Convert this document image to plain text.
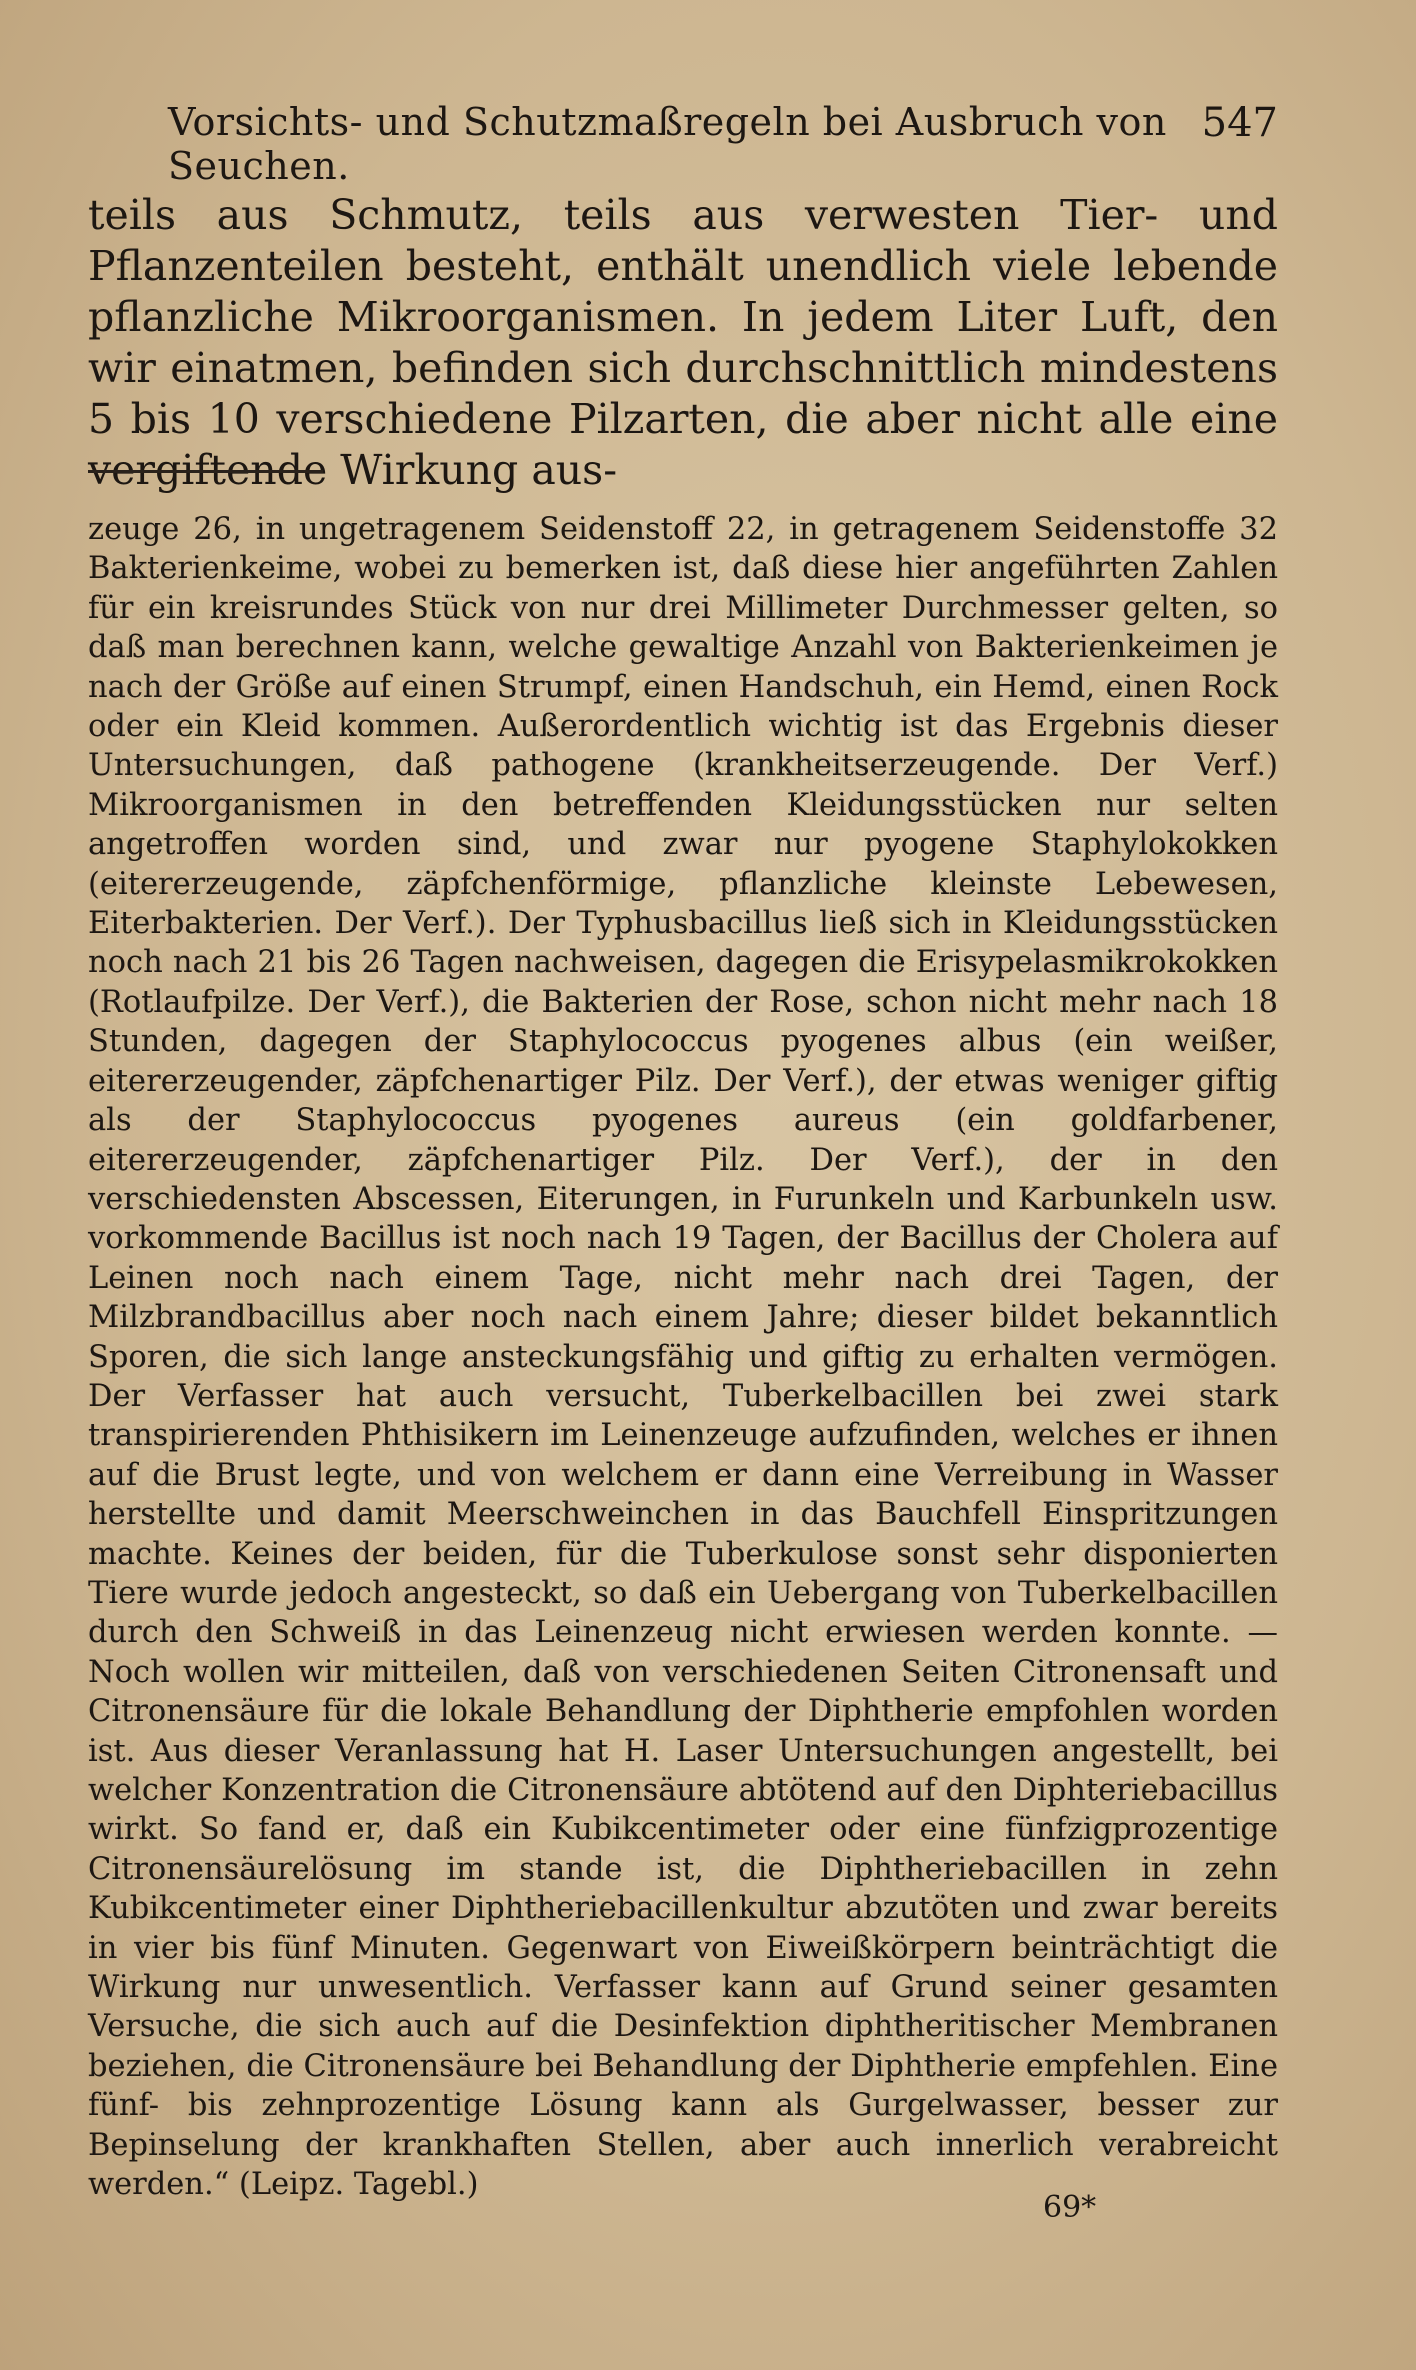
Vorsichts- und Schutzmaßregeln bei Ausbruch von Seuchen.
547

teils aus Schmutz, teils aus verwesten Tier- und Pflanzenteilen besteht, enthält unendlich viele lebende pflanzliche Mikroorganismen. In jedem Liter Luft, den wir einatmen, befinden sich durchschnittlich mindestens 5 bis 10 verschiedene Pilzarten, die aber nicht alle eine vergiftende Wirkung aus-

zeuge 26, in ungetragenem Seidenstoff 22, in getragenem Seidenstoffe 32 Bakterienkeime, wobei zu bemerken ist, daß diese hier angeführten Zahlen für ein kreisrundes Stück von nur drei Millimeter Durchmesser gelten, so daß man berechnen kann, welche gewaltige Anzahl von Bakterienkeimen je nach der Größe auf einen Strumpf, einen Handschuh, ein Hemd, einen Rock oder ein Kleid kommen. Außerordentlich wichtig ist das Ergebnis dieser Untersuchungen, daß pathogene (krankheitserzeugende. Der Verf.) Mikroorganismen in den betreffenden Kleidungsstücken nur selten angetroffen worden sind, und zwar nur pyogene Staphylokokken (eitererzeugende, zäpfchenförmige, pflanzliche kleinste Lebewesen, Eiterbakterien. Der Verf.). Der Typhusbacillus ließ sich in Kleidungsstücken noch nach 21 bis 26 Tagen nachweisen, dagegen die Erisypelasmikrokokken (Rotlaufpilze. Der Verf.), die Bakterien der Rose, schon nicht mehr nach 18 Stunden, dagegen der Staphylococcus pyogenes albus (ein weißer, eitererzeugender, zäpfchenartiger Pilz. Der Verf.), der etwas weniger giftig als der Staphylococcus pyogenes aureus (ein goldfarbener, eitererzeugender, zäpfchenartiger Pilz. Der Verf.), der in den verschiedensten Abscessen, Eiterungen, in Furunkeln und Karbunkeln usw. vorkommende Bacillus ist noch nach 19 Tagen, der Bacillus der Cholera auf Leinen noch nach einem Tage, nicht mehr nach drei Tagen, der Milzbrandbacillus aber noch nach einem Jahre; dieser bildet bekanntlich Sporen, die sich lange ansteckungsfähig und giftig zu erhalten vermögen. Der Verfasser hat auch versucht, Tuberkelbacillen bei zwei stark transpirierenden Phthisikern im Leinenzeuge aufzufinden, welches er ihnen auf die Brust legte, und von welchem er dann eine Verreibung in Wasser herstellte und damit Meerschweinchen in das Bauchfell Einspritzungen machte. Keines der beiden, für die Tuberkulose sonst sehr disponierten Tiere wurde jedoch angesteckt, so daß ein Uebergang von Tuberkelbacillen durch den Schweiß in das Leinenzeug nicht erwiesen werden konnte. — Noch wollen wir mitteilen, daß von verschiedenen Seiten Citronensaft und Citronensäure für die lokale Behandlung der Diphtherie empfohlen worden ist. Aus dieser Veranlassung hat H. Laser Untersuchungen angestellt, bei welcher Konzentration die Citronensäure abtötend auf den Diphteriebacillus wirkt. So fand er, daß ein Kubikcentimeter oder eine fünfzigprozentige Citronensäurelösung im stande ist, die Diphtheriebacillen in zehn Kubikcentimeter einer Diphtheriebacillenkultur abzutöten und zwar bereits in vier bis fünf Minuten. Gegenwart von Eiweißkörpern beinträchtigt die Wirkung nur unwesentlich. Verfasser kann auf Grund seiner gesamten Versuche, die sich auch auf die Desinfektion diphtheritischer Membranen beziehen, die Citronensäure bei Behandlung der Diphtherie empfehlen. Eine fünf- bis zehnprozentige Lösung kann als Gurgelwasser, besser zur Bepinselung der krankhaften Stellen, aber auch innerlich verabreicht werden.“ (Leipz. Tagebl.)

69*
